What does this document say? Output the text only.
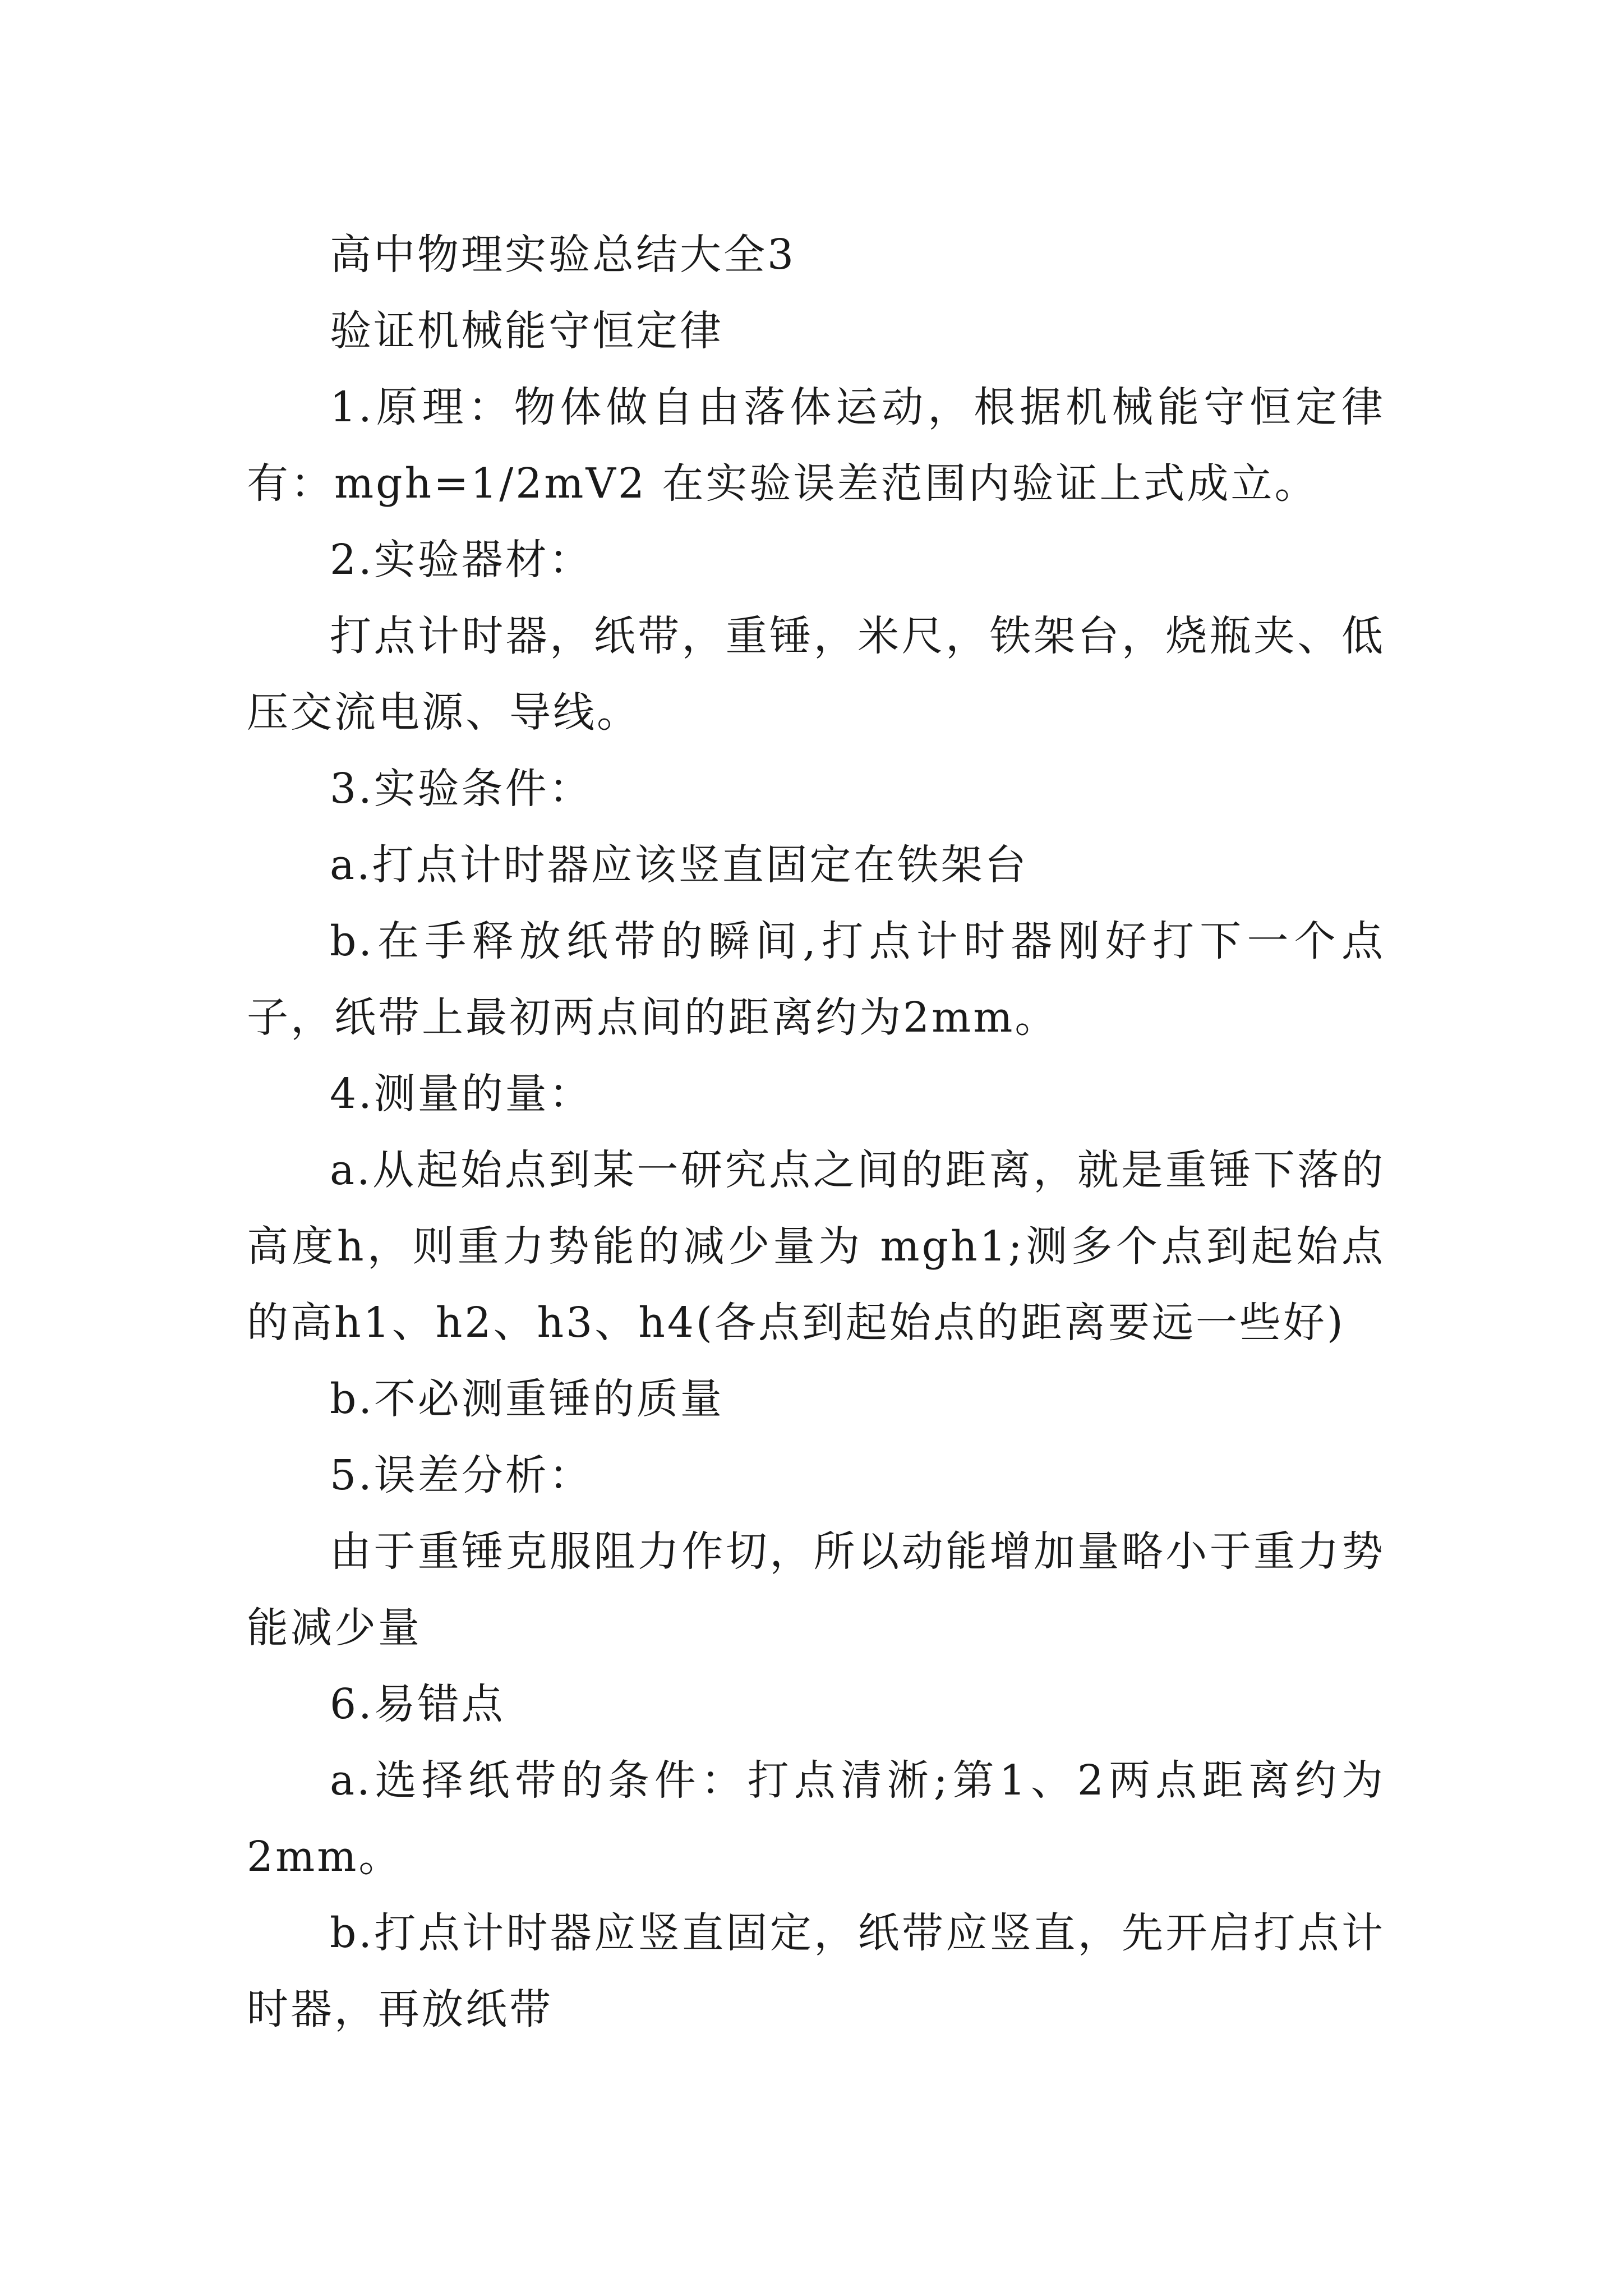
高中物理实验总结大全3

验证机械能守恒定律

1.原理：物体做自由落体运动，根据机械能守恒定律有：mgh=1/2mV2 在实验误差范围内验证上式成立。

2.实验器材：

打点计时器，纸带，重锤，米尺，铁架台，烧瓶夹、低压交流电源、导线。

3.实验条件：

a.打点计时器应该竖直固定在铁架台

b.在手释放纸带的瞬间,打点计时器刚好打下一个点子，纸带上最初两点间的距离约为2mm。

4.测量的量：

a.从起始点到某一研究点之间的距离，就是重锤下落的高度h，则重力势能的减少量为 mgh1;测多个点到起始点的高h1、h2、h3、h4(各点到起始点的距离要远一些好)

b.不必测重锤的质量

5.误差分析：

由于重锤克服阻力作切，所以动能增加量略小于重力势能减少量

6.易错点

a.选择纸带的条件：打点清淅;第1、2两点距离约为2mm。

b.打点计时器应竖直固定，纸带应竖直，先开启打点计时器，再放纸带
